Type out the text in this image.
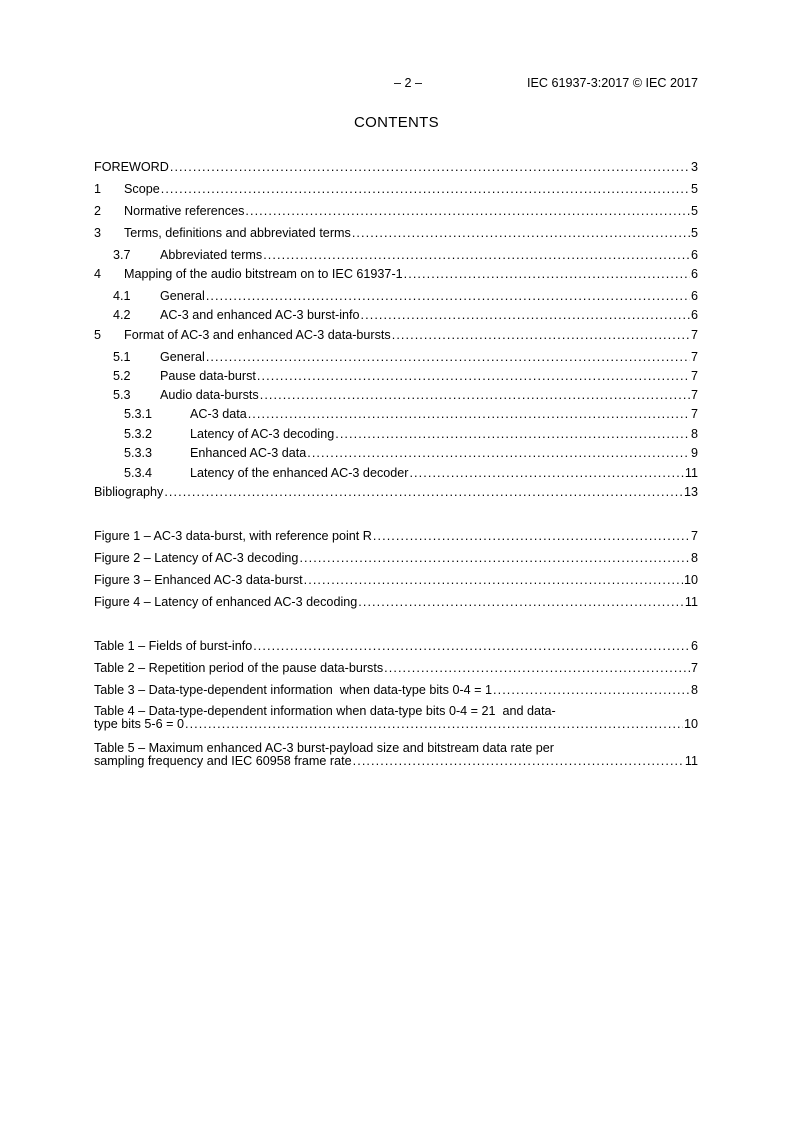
– 2 –	IEC 61937-3:2017 © IEC 2017
CONTENTS
FOREWORD .....	3
1	Scope .....	5
2	Normative references .....	5
3	Terms, definitions and abbreviated terms .....	5
3.7	Abbreviated terms .....	6
4	Mapping of the audio bitstream on to IEC 61937-1 .....	6
4.1	General .....	6
4.2	AC-3 and enhanced AC-3 burst-info .....	6
5	Format of AC-3 and enhanced AC-3 data-bursts .....	7
5.1	General .....	7
5.2	Pause data-burst .....	7
5.3	Audio data-bursts .....	7
5.3.1	AC-3 data .....	7
5.3.2	Latency of AC-3 decoding .....	8
5.3.3	Enhanced AC-3 data .....	9
5.3.4	Latency of the enhanced AC-3 decoder .....	11
Bibliography .....	13
Figure 1 – AC-3 data-burst, with reference point R .....	7
Figure 2 – Latency of AC-3 decoding .....	8
Figure 3 – Enhanced AC-3 data-burst .....	10
Figure 4 – Latency of enhanced AC-3 decoding .....	11
Table 1 – Fields of burst-info .....	6
Table 2 – Repetition period of the pause data-bursts .....	7
Table 3 – Data-type-dependent information  when data-type bits 0-4 = 1 .....	8
Table 4 – Data-type-dependent information when data-type bits 0-4 = 21  and data-
type bits 5-6 = 0 .....	10
Table 5 – Maximum enhanced AC-3 burst-payload size and bitstream data rate per
sampling frequency and IEC 60958 frame rate .....	11
